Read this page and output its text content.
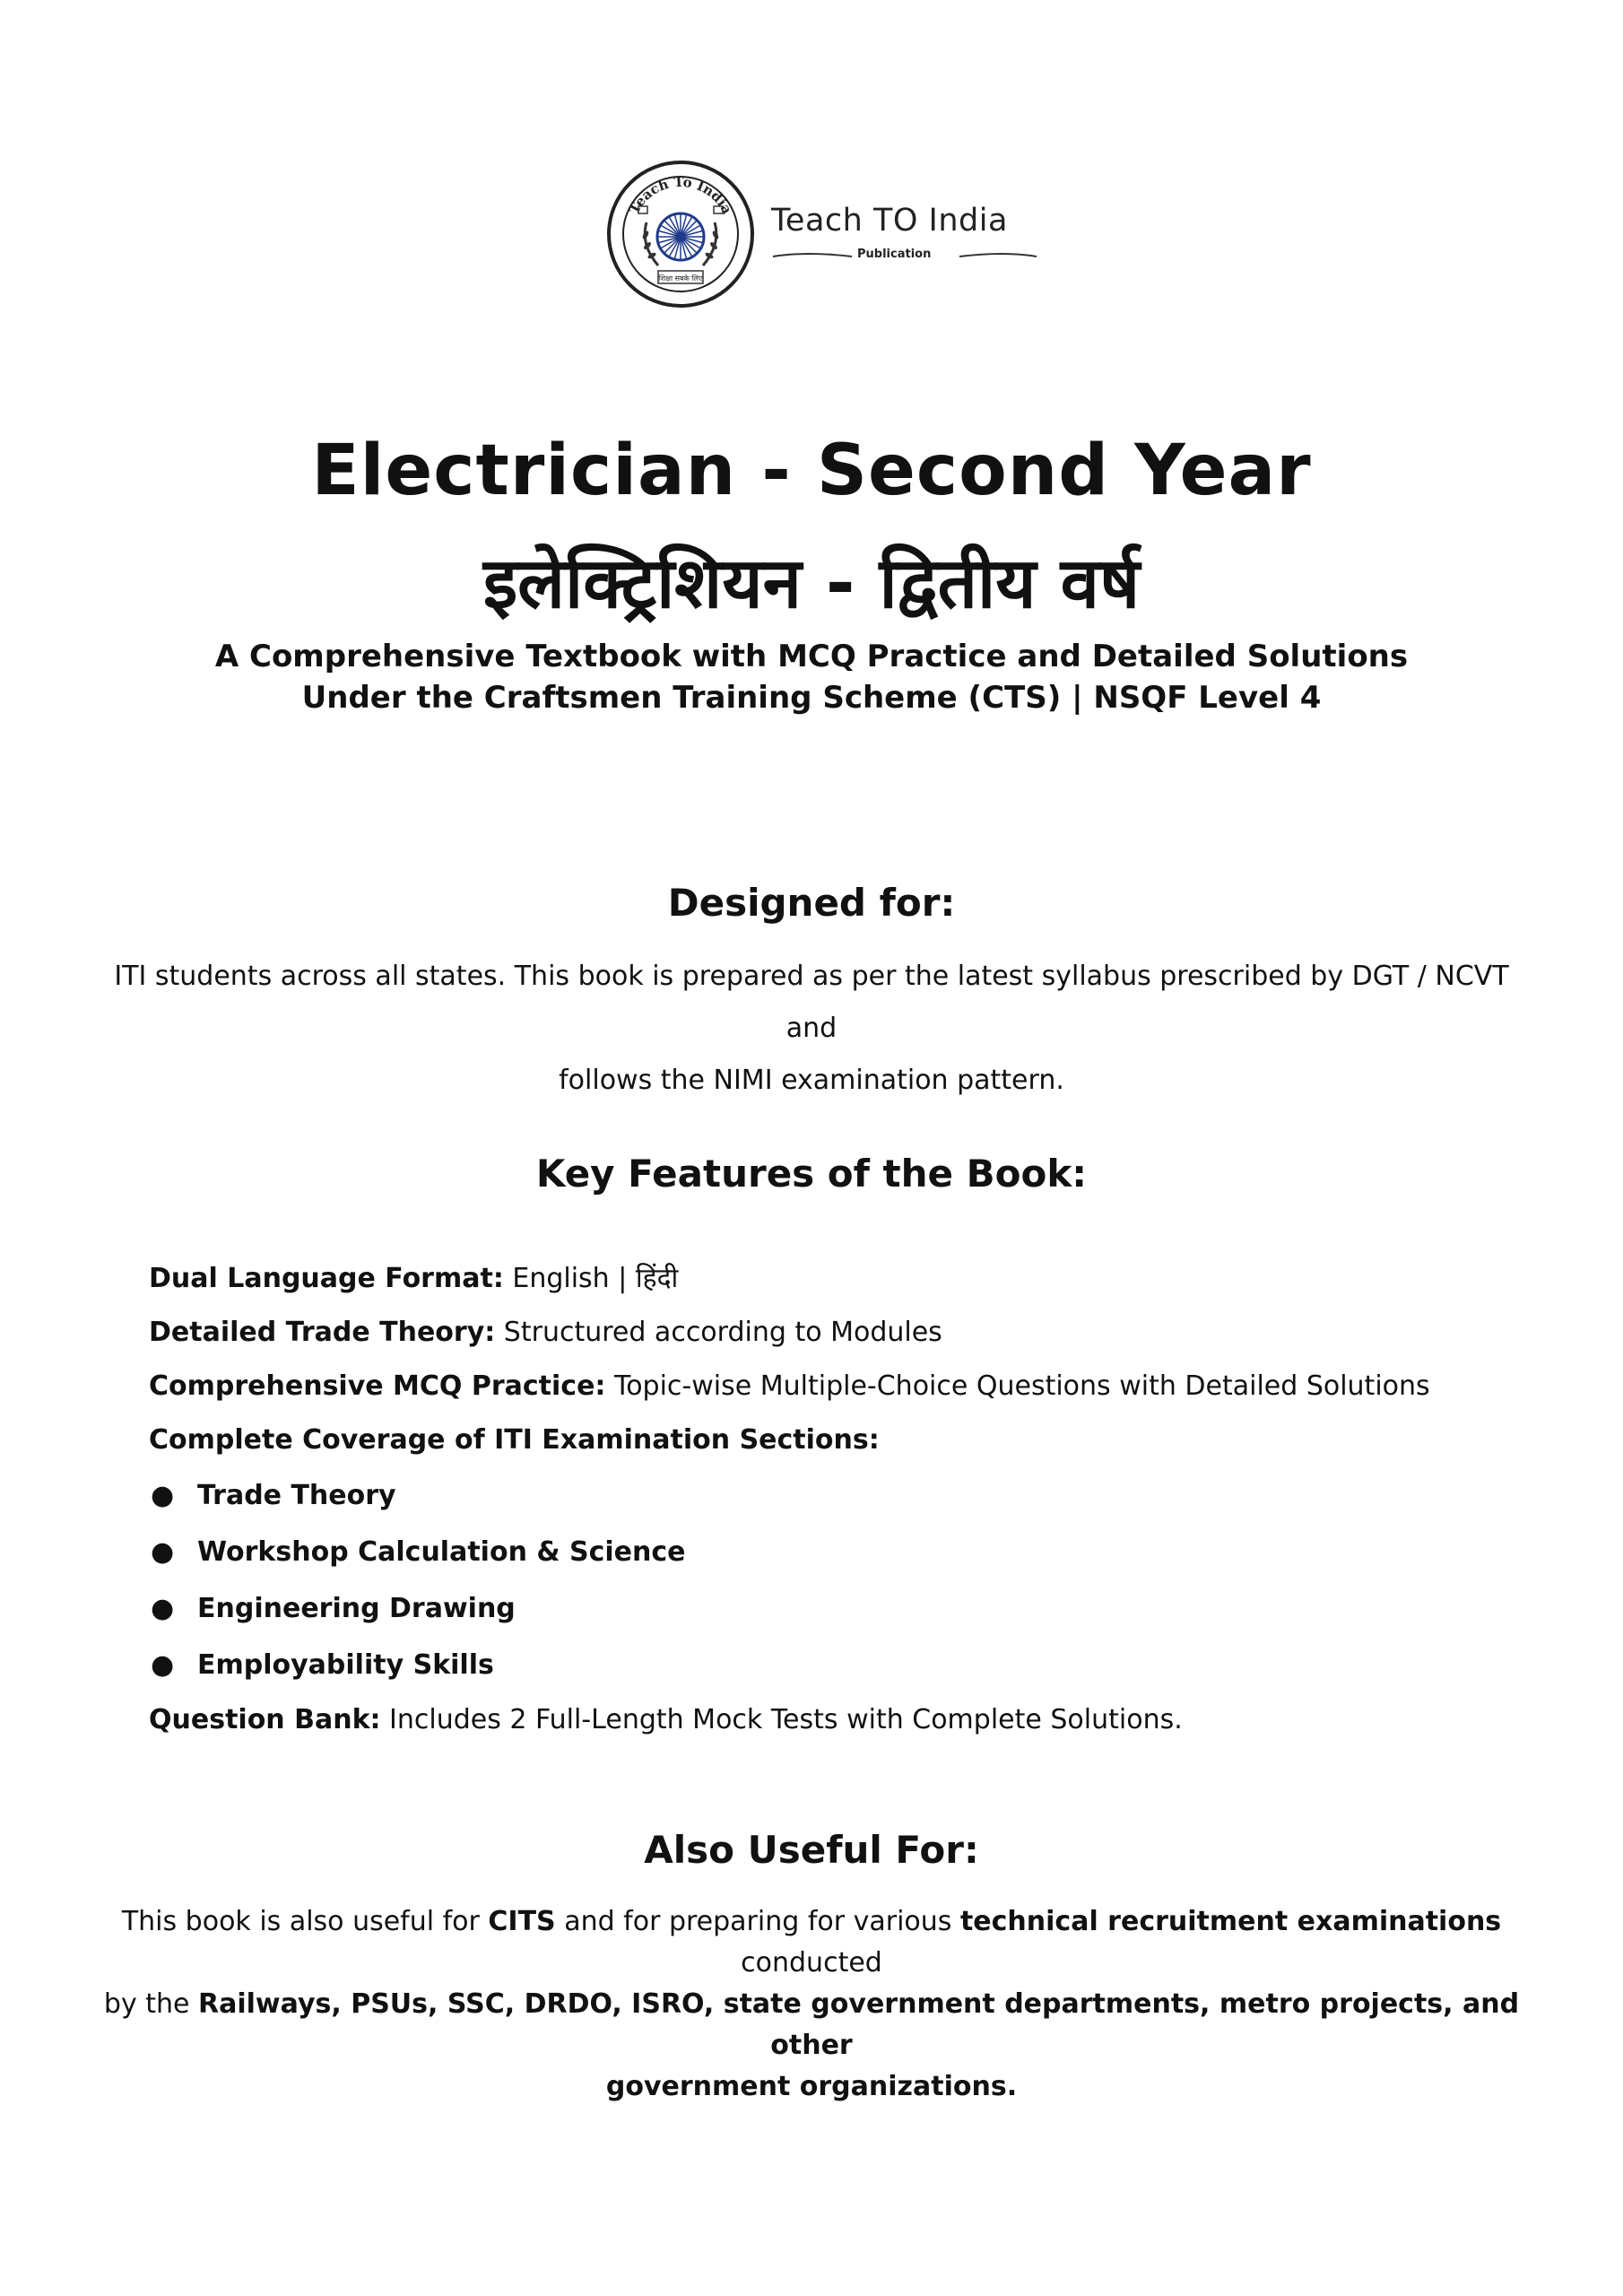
Teach To India
शिक्षा सबके लिए
Teach TO India
Publication
Electrician - Second Year
इलेक्ट्रिशियन - द्वितीय वर्ष
A Comprehensive Textbook with MCQ Practice and Detailed Solutions
Under the Craftsmen Training Scheme (CTS) | NSQF Level 4
Designed for:
ITI students across all states. This book is prepared as per the latest syllabus prescribed by DGT / NCVT and
follows the NIMI examination pattern.
Key Features of the Book:
Dual Language Format: English | हिंदी
Detailed Trade Theory: Structured according to Modules
Comprehensive MCQ Practice: Topic-wise Multiple-Choice Questions with Detailed Solutions
Complete Coverage of ITI Examination Sections:
● Trade Theory
● Workshop Calculation & Science
● Engineering Drawing
● Employability Skills
Question Bank: Includes 2 Full-Length Mock Tests with Complete Solutions.
Also Useful For:
This book is also useful for CITS and for preparing for various technical recruitment examinations conducted
by the Railways, PSUs, SSC, DRDO, ISRO, state government departments, metro projects, and other
government organizations.
